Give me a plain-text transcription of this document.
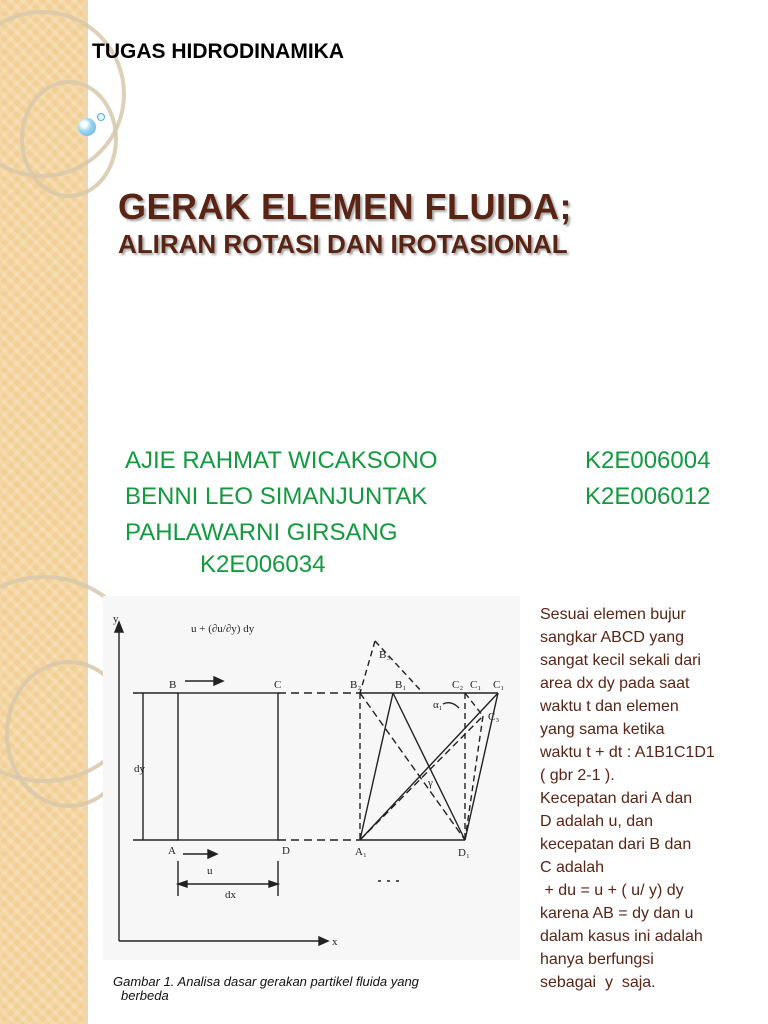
TUGAS HIDRODINAMIKA
GERAK ELEMEN FLUIDA;
ALIRAN ROTASI DAN IROTASIONAL
AJIE RAHMAT WICAKSONO	K2E006004
BENNI LEO SIMANJUNTAK	K2E006012
PAHLAWARNI GIRSANG
K2E006034
y
x
u + (∂u/∂y) dy
u
dy
dx
A
B	C
D	A₁
B₂	B₁	C₂ C₁ C₁
D₁
B₃
C₃
α₁
γ
Gambar 1. Analisa dasar gerakan partikel fluida yang
berbeda

Sesuai elemen bujur

sangkar ABCD yang

sangat kecil sekali dari

area dx dy pada saat

waktu t dan elemen

yang sama ketika

waktu t + dt : A1B1C1D1

( gbr 2-1 ).

Kecepatan dari A dan

D adalah u, dan

kecepatan dari B dan

C adalah

+ du = u + ( u/ y) dy

karena AB = dy dan u

dalam kasus ini adalah

hanya berfungsi

sebagai  y  saja.
